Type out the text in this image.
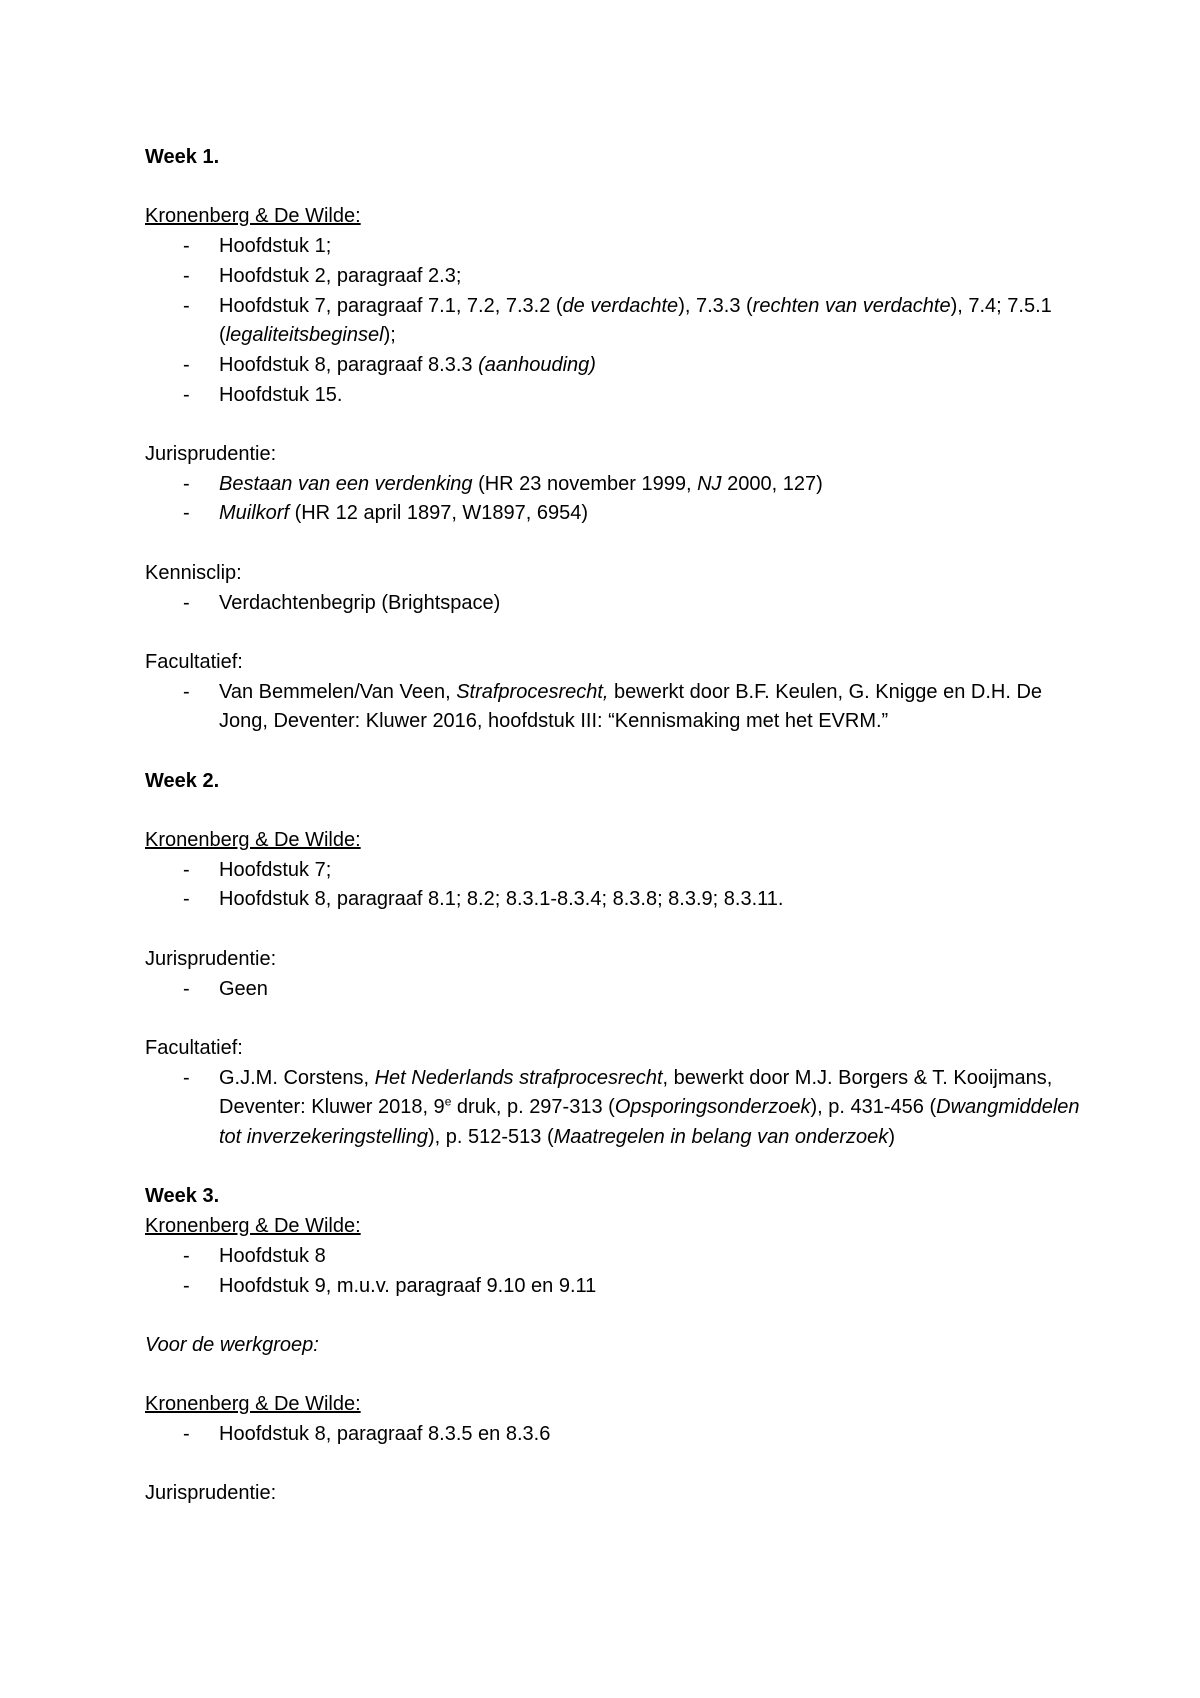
Week 1.

Kronenberg & De Wilde:

- Hoofdstuk 1;
- Hoofdstuk 2, paragraaf 2.3;
- Hoofdstuk 7, paragraaf 7.1, 7.2, 7.3.2 (de verdachte), 7.3.3 (rechten van verdachte), 7.4; 7.5.1 (legaliteitsbeginsel);
- Hoofdstuk 8, paragraaf 8.3.3 (aanhouding)
- Hoofdstuk 15.

Jurisprudentie:

- Bestaan van een verdenking (HR 23 november 1999, NJ 2000, 127)
- Muilkorf (HR 12 april 1897, W1897, 6954)

Kennisclip:

- Verdachtenbegrip (Brightspace)

Facultatief:

- Van Bemmelen/Van Veen, Strafprocesrecht, bewerkt door B.F. Keulen, G. Knigge en D.H. De Jong, Deventer: Kluwer 2016, hoofdstuk III: “Kennismaking met het EVRM.”

Week 2.

Kronenberg & De Wilde:

- Hoofdstuk 7;
- Hoofdstuk 8, paragraaf 8.1; 8.2; 8.3.1-8.3.4; 8.3.8; 8.3.9; 8.3.11.

Jurisprudentie:

- Geen

Facultatief:

- G.J.M. Corstens, Het Nederlands strafprocesrecht, bewerkt door M.J. Borgers & T. Kooijmans, Deventer: Kluwer 2018, 9e druk, p. 297-313 (Opsporingsonderzoek), p. 431-456 (Dwangmiddelen tot inverzekeringstelling), p. 512-513 (Maatregelen in belang van onderzoek)

Week 3.

Kronenberg & De Wilde:

- Hoofdstuk 8
- Hoofdstuk 9, m.u.v. paragraaf 9.10 en 9.11

Voor de werkgroep:

Kronenberg & De Wilde:

- Hoofdstuk 8, paragraaf 8.3.5 en 8.3.6

Jurisprudentie:
